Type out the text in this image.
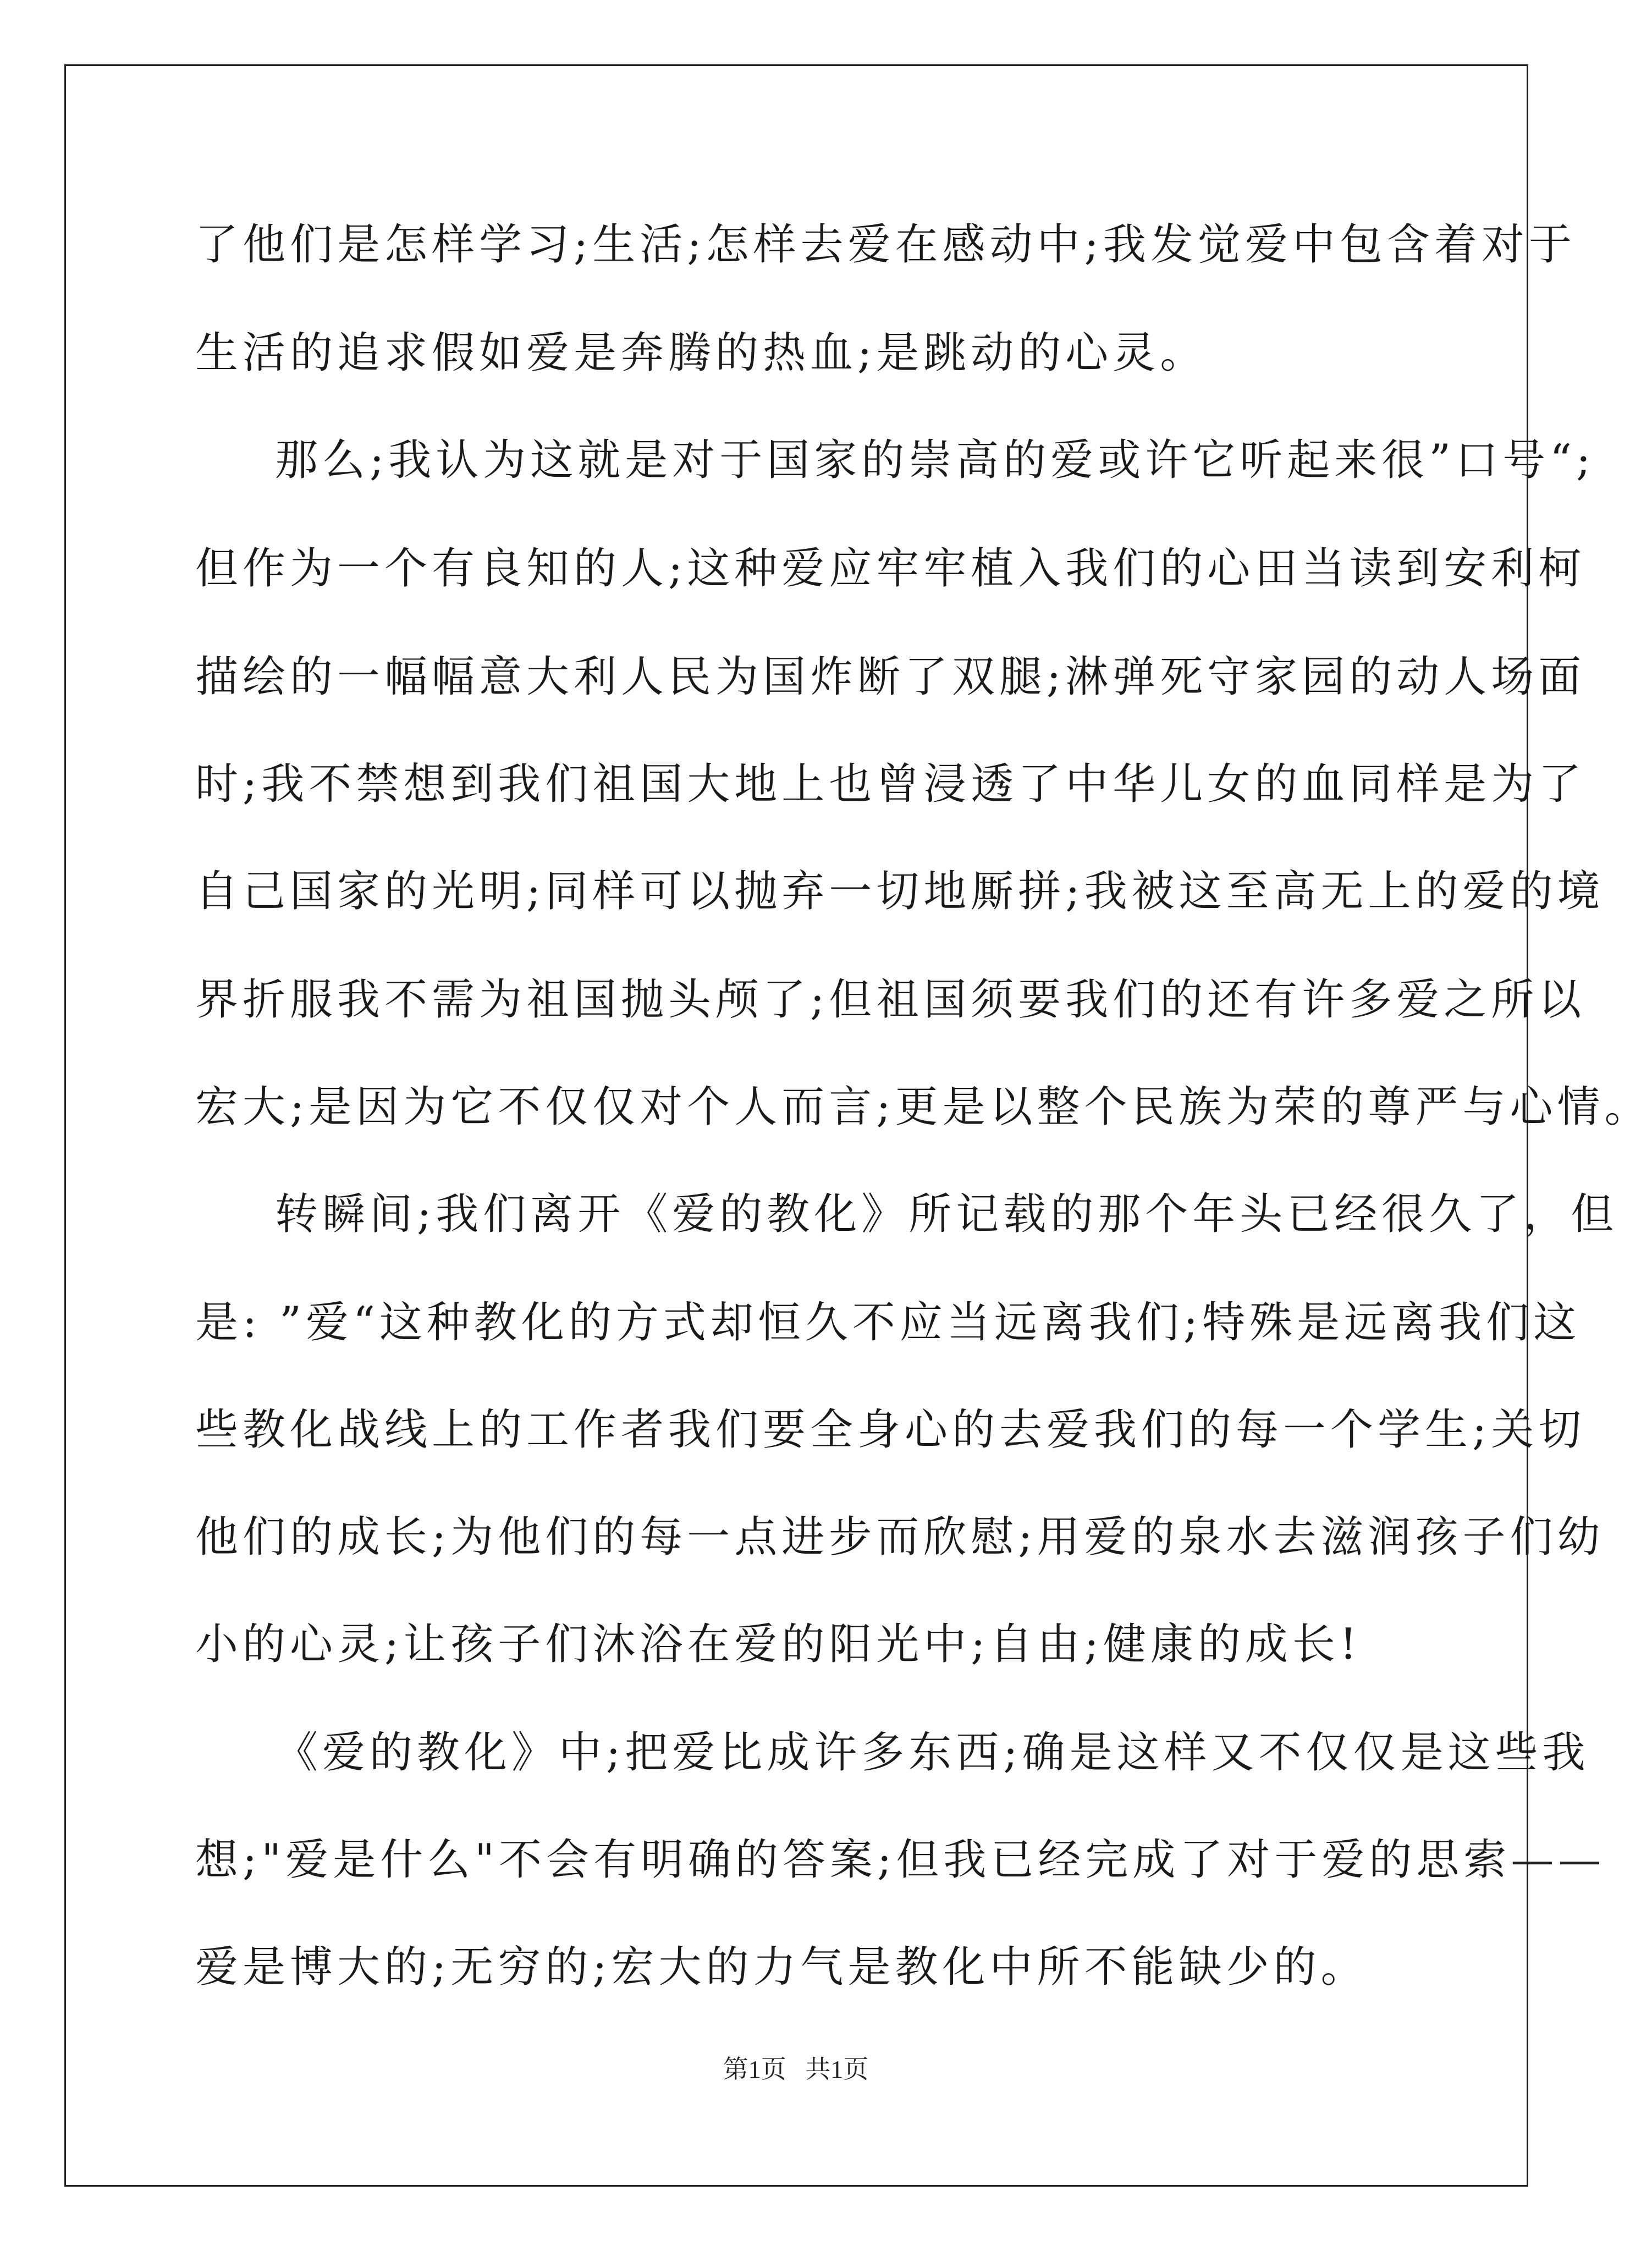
了他们是怎样学习;生活;怎样去爱在感动中;我发觉爱中包含着对于
生活的追求假如爱是奔腾的热血;是跳动的心灵。
那么;我认为这就是对于国家的崇高的爱或许它听起来很”口号“;
但作为一个有良知的人;这种爱应牢牢植入我们的心田当读到安利柯
描绘的一幅幅意大利人民为国炸断了双腿;淋弹死守家园的动人场面
时;我不禁想到我们祖国大地上也曾浸透了中华儿女的血同样是为了
自己国家的光明;同样可以抛弃一切地厮拼;我被这至高无上的爱的境
界折服我不需为祖国抛头颅了;但祖国须要我们的还有许多爱之所以
宏大;是因为它不仅仅对个人而言;更是以整个民族为荣的尊严与心情。
转瞬间;我们离开《爱的教化》所记载的那个年头已经很久了，但
是: ”爱“这种教化的方式却恒久不应当远离我们;特殊是远离我们这
些教化战线上的工作者我们要全身心的去爱我们的每一个学生;关切
他们的成长;为他们的每一点进步而欣慰;用爱的泉水去滋润孩子们幼
小的心灵;让孩子们沐浴在爱的阳光中;自由;健康的成长!
《爱的教化》中;把爱比成许多东西;确是这样又不仅仅是这些我
想;"爱是什么"不会有明确的答案;但我已经完成了对于爱的思索——
爱是博大的;无穷的;宏大的力气是教化中所不能缺少的。
第1页   共1页
